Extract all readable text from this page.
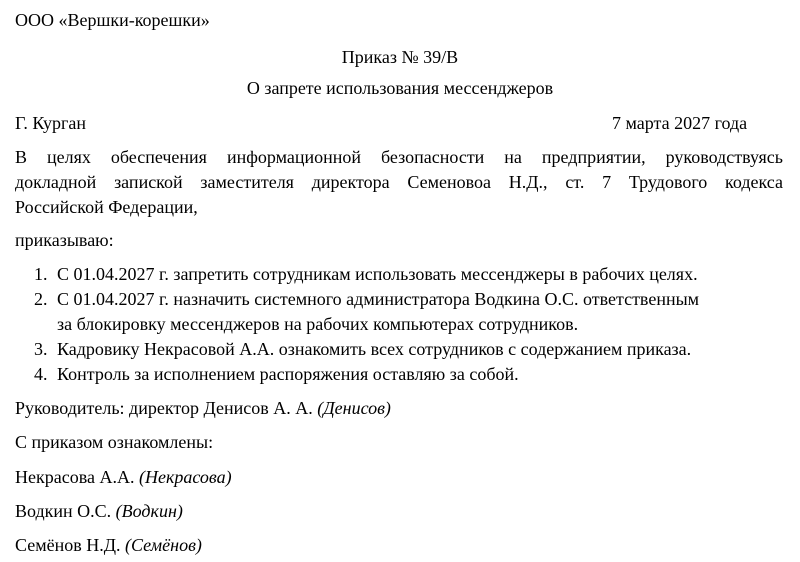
ООО «Вершки-корешки»
Приказ № 39/В
О запрете использования мессенджеров
Г. Курган	7 марта 2027 года
В целях обеспечения информационной безопасности на предприятии, руководствуясь
докладной запиской заместителя директора Семеновоа Н.Д., ст. 7 Трудового кодекса
Российской Федерации,
приказываю:
1. С 01.04.2027 г. запретить сотрудникам использовать мессенджеры в рабочих целях.
2. С 01.04.2027 г. назначить системного администратора Водкина О.С. ответственным
за блокировку мессенджеров на рабочих компьютерах сотрудников.
3. Кадровику Некрасовой А.А. ознакомить всех сотрудников с содержанием приказа.
4. Контроль за исполнением распоряжения оставляю за собой.
Руководитель: директор Денисов А. А. (Денисов)
С приказом ознакомлены:
Некрасова А.А. (Некрасова)
Водкин О.С. (Водкин)
Семёнов Н.Д. (Семёнов)
